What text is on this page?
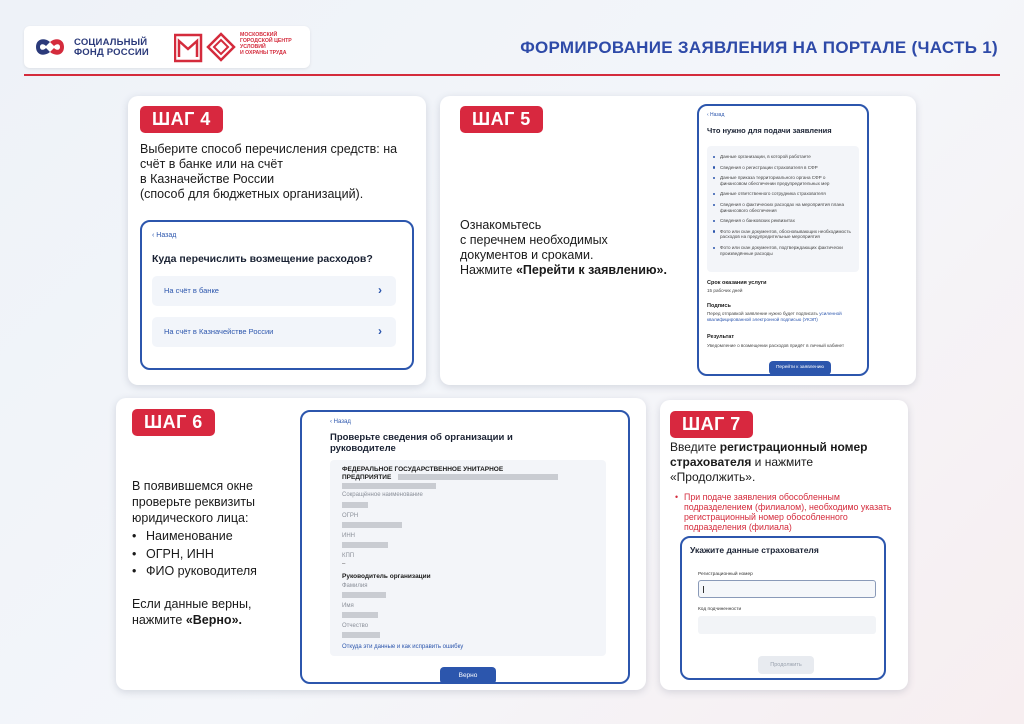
СОЦИАЛЬНЫЙ
ФОНД РОССИИ
МОСКОВСКИЙ
ГОРОДСКОЙ ЦЕНТР
УСЛОВИЙ
И ОХРАНЫ ТРУДА	ФОРМИРОВАНИЕ ЗАЯВЛЕНИЯ НА ПОРТАЛЕ (ЧАСТЬ 1)
ШАГ 4
Выберите способ перечисления средств: на
счёт в банке или на счёт
в Казначействе России
(способ для бюджетных организаций).
‹ Назад
Куда перечислить возмещение расходов?
На счёт в банке	›
На счёт в Казначействе России	›
ШАГ 5
Ознакомьтесь
с перечнем необходимых
документов и сроками.
Нажмите «Перейти к заявлению».
‹ Назад
Что нужно для подачи заявления
Данные организации, в которой работаете
Сведения о регистрации страхователя в СФР
Данные приказа территориального органа СФР о финансовом обеспечении предупредительных мер
Данные ответственного сотрудника страхователя
Сведения о фактических расходах на мероприятия плана финансового обеспечения
Сведения о банковских реквизитах
Фото или скан документов, обосновывающих необходимость расходов на предупредительные мероприятия
Фото или скан документов, подтверждающих фактически произведённые расходы
Срок оказания услуги
15 рабочих дней
Подпись
Перед отправкой заявление нужно будет подписать усиленной квалифицированной электронной подписью (УКЭП)
Результат
Уведомление о возмещении расходов придёт в личный кабинет
Перейти к заявлению
ШАГ 6
В появившемся окне
проверьте реквизиты
юридического лица:
• Наименование
• ОГРН, ИНН
• ФИО руководителя
Если данные верны,
нажмите «Верно».
‹ Назад
Проверьте сведения об организации и
руководителе
ФЕДЕРАЛЬНОЕ ГОСУДАРСТВЕННОЕ УНИТАРНОЕ
ПРЕДПРИЯТИЕ
Сокращённое наименование
ОГРН
ИНН
КПП
–
Руководитель организации
Фамилия
Имя
Отчество
Откуда эти данные и как исправить ошибку
Верно
ШАГ 7
Введите регистрационный номер
страхователя и нажмите
«Продолжить».
• При подаче заявления обособленным подразделением (филиалом), необходимо указать регистрационный номер обособленного подразделения (филиала)
Укажите данные страхователя
Регистрационный номер
Код подчиненности
Продолжить
